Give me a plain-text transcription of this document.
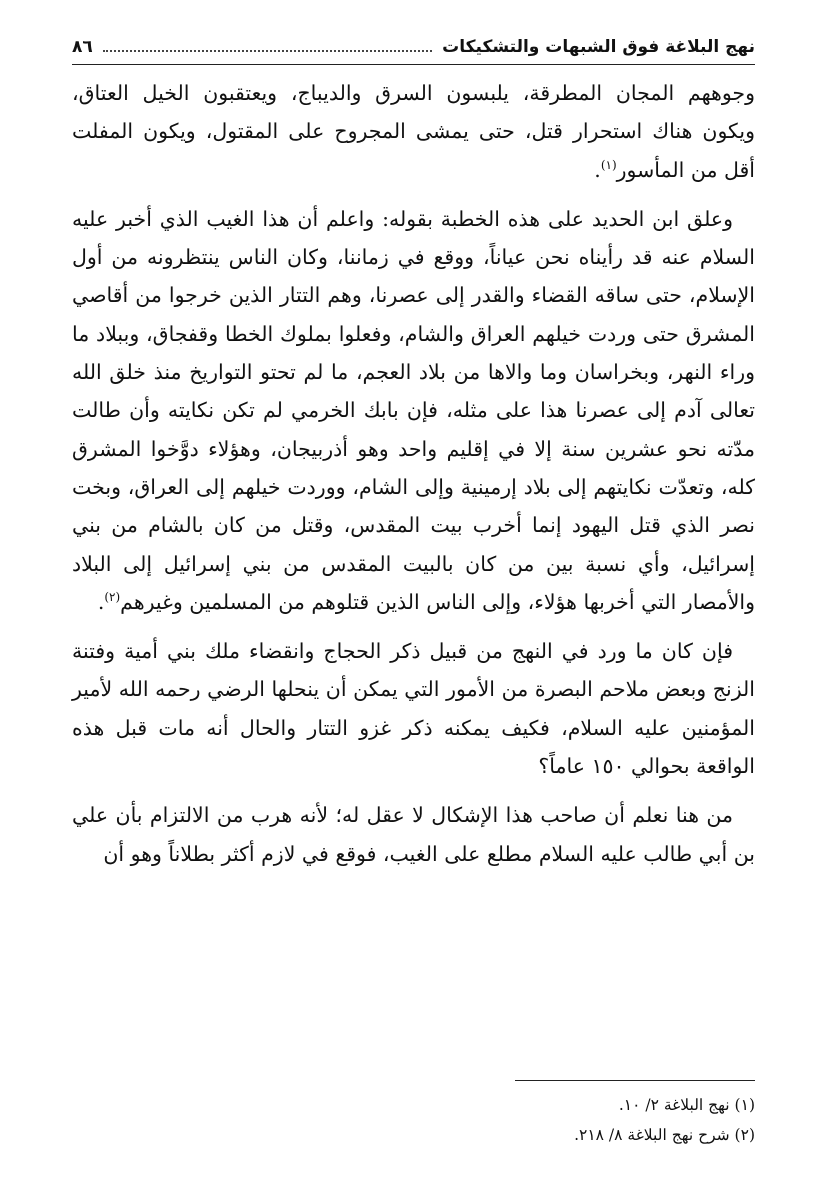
نهج البلاغة فوق الشبهات والتشكيكات
٨٦

وجوههم المجان المطرقة، يلبسون السرق والديباج، ويعتقبون الخيل العتاق، ويكون هناك استحرار قتل، حتى يمشى المجروح على المقتول، ويكون المفلت أقل من المأسور$^{(١)}$.

وعلق ابن الحديد على هذه الخطبة بقوله: واعلم أن هذا الغيب الذي أخبر عليه السلام عنه قد رأيناه نحن عياناً، ووقع في زماننا، وكان الناس ينتظرونه من أول الإسلام، حتى ساقه القضاء والقدر إلى عصرنا، وهم التتار الذين خرجوا من أقاصي المشرق حتى وردت خيلهم العراق والشام، وفعلوا بملوك الخطا وقفجاق، وببلاد ما وراء النهر، وبخراسان وما والاها من بلاد العجم، ما لم تحتو التواريخ منذ خلق الله تعالى آدم إلى عصرنا هذا على مثله، فإن بابك الخرمي لم تكن نكايته وأن طالت مدّته نحو عشرين سنة إلا في إقليم واحد وهو أذربيجان، وهؤلاء دوَّخوا المشرق كله، وتعدّت نكايتهم إلى بلاد إرمينية وإلى الشام، ووردت خيلهم إلى العراق، وبخت نصر الذي قتل اليهود إنما أخرب بيت المقدس، وقتل من كان بالشام من بني إسرائيل، وأي نسبة بين من كان بالبيت المقدس من بني إسرائيل إلى البلاد والأمصار التي أخربها هؤلاء، وإلى الناس الذين قتلوهم من المسلمين وغيرهم$^{(٢)}$.

فإن كان ما ورد في النهج من قبيل ذكر الحجاج وانقضاء ملك بني أمية وفتنة الزنج وبعض ملاحم البصرة من الأمور التي يمكن أن ينحلها الرضي رحمه الله لأمير المؤمنين عليه السلام، فكيف يمكنه ذكر غزو التتار والحال أنه مات قبل هذه الواقعة بحوالي ١٥٠ عاماً؟

من هنا نعلم أن صاحب هذا الإشكال لا عقل له؛ لأنه هرب من الالتزام بأن علي بن أبي طالب عليه السلام مطلع على الغيب، فوقع في لازم أكثر بطلاناً وهو أن

(١) نهج البلاغة ٢/ ١٠.
(٢) شرح نهج البلاغة ٨/ ٢١٨.
